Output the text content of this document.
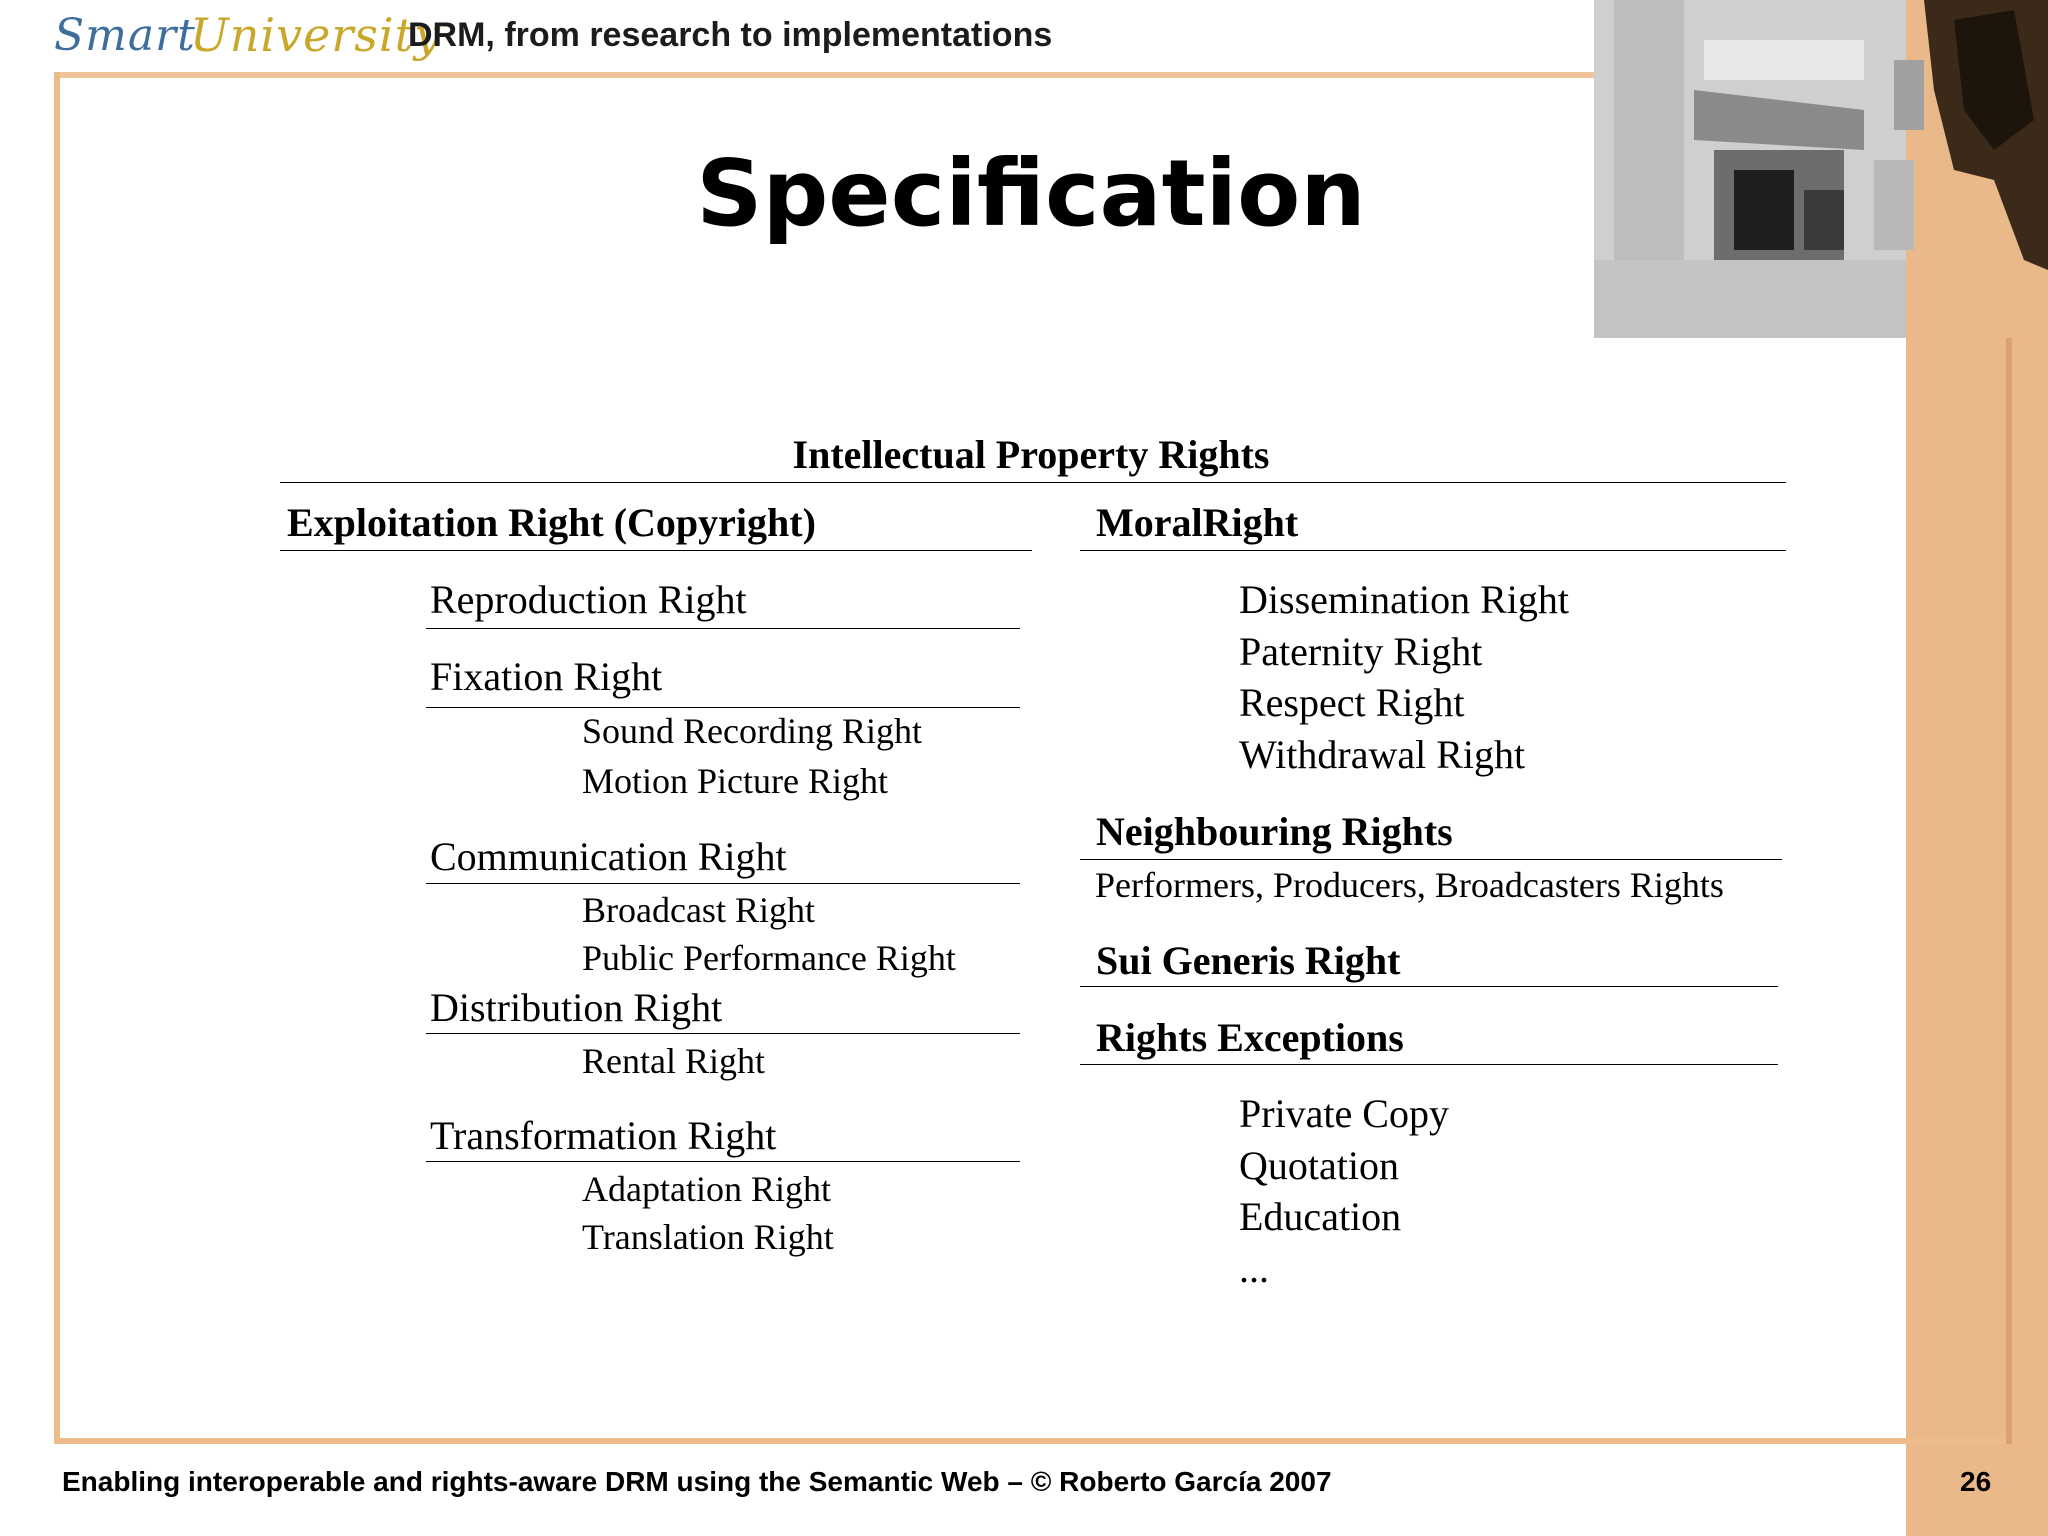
Smart
University
DRM, from research to implementations
Specification
Intellectual Property Rights
Exploitation Right (Copyright)
Reproduction Right
Fixation Right
Sound Recording Right
Motion Picture Right
Communication Right
Broadcast Right
Public Performance Right
Distribution Right
Rental Right
Transformation Right
Adaptation Right
Translation Right
MoralRight
Dissemination Right
Paternity Right
Respect Right
Withdrawal Right
Neighbouring Rights
Performers, Producers, Broadcasters Rights
Sui Generis Right
Rights Exceptions
Private Copy
Quotation
Education
...
Enabling interoperable and rights-aware DRM using the Semantic Web – © Roberto García 2007	26
